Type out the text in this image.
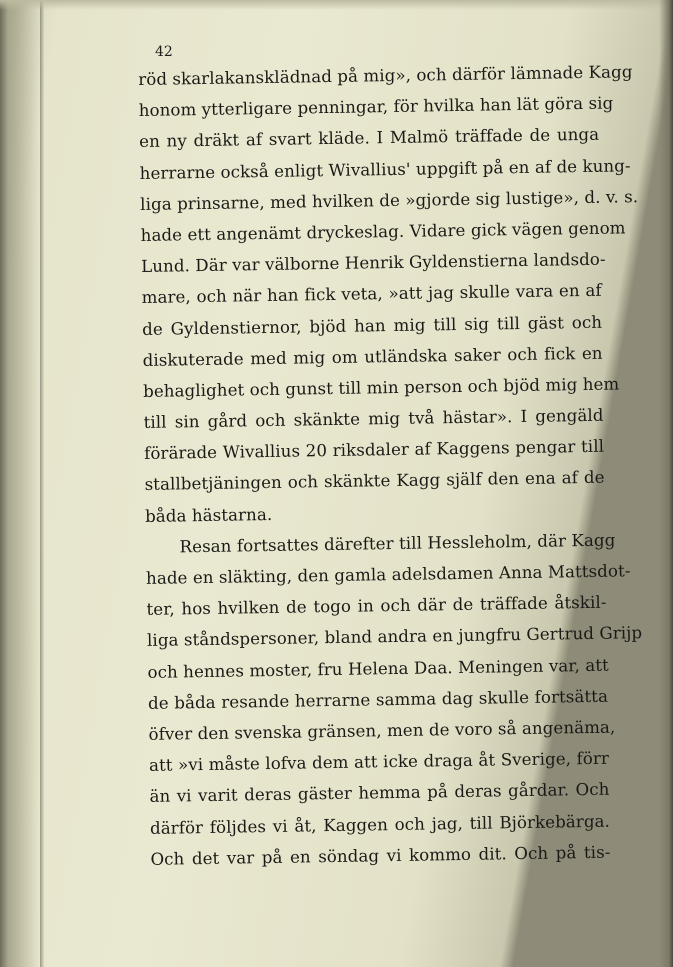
42
röd skarlakansklädnad på mig», och därför lämnade Kagg
honom ytterligare penningar, för hvilka han lät göra sig
en ny dräkt af svart kläde. I Malmö träffade de unga
herrarne också enligt Wivallius' uppgift på en af de kung-
liga prinsarne, med hvilken de »gjorde sig lustige», d. v. s.
hade ett angenämt dryckeslag. Vidare gick vägen genom
Lund. Där var välborne Henrik Gyldenstierna landsdo-
mare, och när han fick veta, »att jag skulle vara en af
de Gyldenstiernor, bjöd han mig till sig till gäst och
diskuterade med mig om utländska saker och fick en
behaglighet och gunst till min person och bjöd mig hem
till sin gård och skänkte mig två hästar». I gengäld
förärade Wivallius 20 riksdaler af Kaggens pengar till
stallbetjäningen och skänkte Kagg själf den ena af de
båda hästarna.
Resan fortsattes därefter till Hessleholm, där Kagg
hade en släkting, den gamla adelsdamen Anna Mattsdot-
ter, hos hvilken de togo in och där de träffade åtskil-
liga ståndspersoner, bland andra en jungfru Gertrud Grijp
och hennes moster, fru Helena Daa. Meningen var, att
de båda resande herrarne samma dag skulle fortsätta
öfver den svenska gränsen, men de voro så angenäma,
att »vi måste lofva dem att icke draga åt Sverige, förr
än vi varit deras gäster hemma på deras gårdar. Och
därför följdes vi åt, Kaggen och jag, till Björkebärga.
Och det var på en söndag vi kommo dit. Och på tis-
